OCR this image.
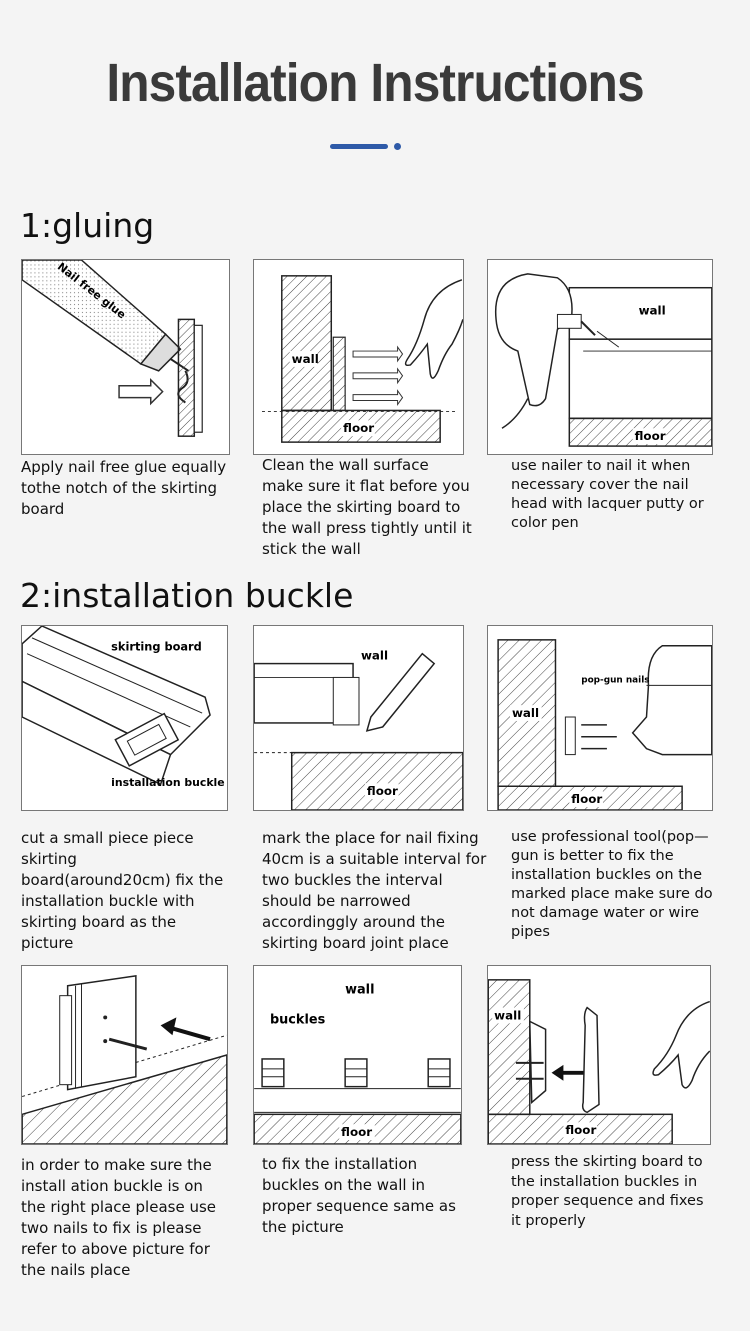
Installation Instructions
1:gluing
Nail free glue
Apply nail free glue equally tothe notch of the skirting board
wall
floor
Clean the wall surface make sure it flat before you place the skirting board to the wall press tightly until it stick the wall
wall
floor
use nailer to nail it when necessary cover the nail head with lacquer putty or color pen
2:installation buckle
skirting board
installation buckle
cut a small piece piece skirting board(around20cm) fix the installation buckle with skirting board as the picture
wall
floor
mark the place for nail fixing 40cm is a suitable interval for two buckles the interval should be narrowed accordinggly around the skirting board joint place
pop-gun nails
wall
floor
use professional tool(pop—gun is better to fix the installation buckles on the marked place make sure do not damage water or wire pipes
in order to make sure the install ation buckle is on the right place please use two nails to fix is please refer to above picture for the nails place
wall
buckles
floor
to fix the installation buckles on the wall in proper sequence same as the picture
wall
floor
press the skirting board to the installation buckles in proper sequence and fixes it properly
